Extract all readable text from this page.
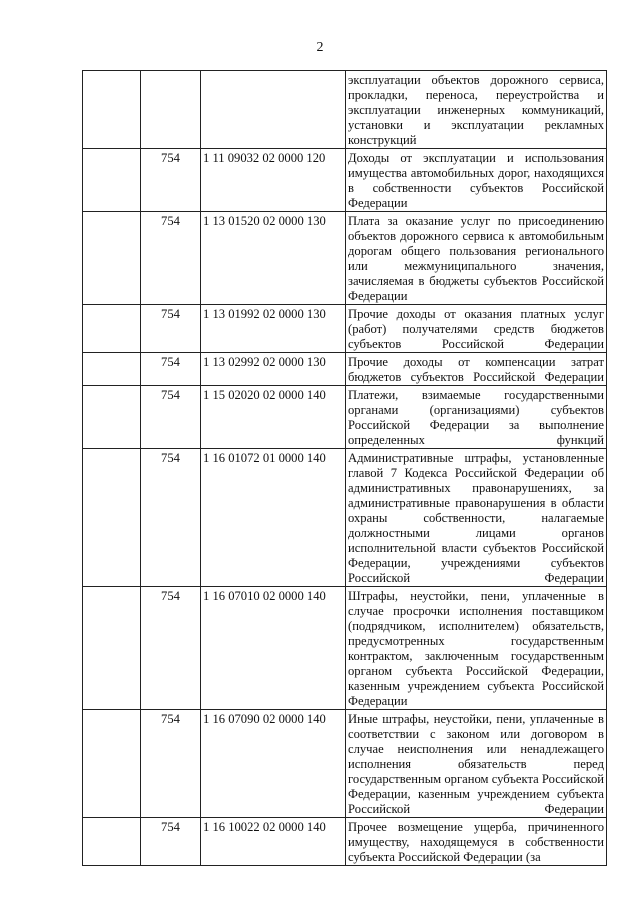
2
			эксплуатации объектов дорожного сервиса, прокладки, переноса, переустройства и эксплуатации инженерных коммуникаций, установки и эксплуатации рекламных конструкций
	754	1 11 09032 02 0000 120	Доходы от эксплуатации и использования имущества автомобильных дорог, находящихся в собственности субъектов Российской Федерации
	754	1 13 01520 02 0000 130	Плата за оказание услуг по присоединению объектов дорожного сервиса к автомобильным дорогам общего пользования регионального или межмуниципального значения, зачисляемая в бюджеты субъектов Российской Федерации
	754	1 13 01992 02 0000 130	Прочие доходы от оказания платных услуг (работ) получателями средств бюджетов субъектов Российской Федерации
	754	1 13 02992 02 0000 130	Прочие доходы от компенсации затрат бюджетов субъектов Российской Федерации
	754	1 15 02020 02 0000 140	Платежи, взимаемые государственными органами (организациями) субъектов Российской Федерации за выполнение определенных функций
	754	1 16 01072 01 0000 140	Административные штрафы, установленные главой 7 Кодекса Российской Федерации об административных правонарушениях, за административные правонарушения в области охраны собственности, налагаемые должностными лицами органов исполнительной власти субъектов Российской Федерации, учреждениями субъектов Российской Федерации
	754	1 16 07010 02 0000 140	Штрафы, неустойки, пени, уплаченные в случае просрочки исполнения поставщиком (подрядчиком, исполнителем) обязательств, предусмотренных государственным контрактом, заключенным государственным органом субъекта Российской Федерации, казенным учреждением субъекта Российской Федерации
	754	1 16 07090 02 0000 140	Иные штрафы, неустойки, пени, уплаченные в соответствии с законом или договором в случае неисполнения или ненадлежащего исполнения обязательств перед государственным органом субъекта Российской Федерации, казенным учреждением субъекта Российской Федерации
	754	1 16 10022 02 0000 140	Прочее возмещение ущерба, причиненного имуществу, находящемуся в собственности субъекта Российской Федерации (за
